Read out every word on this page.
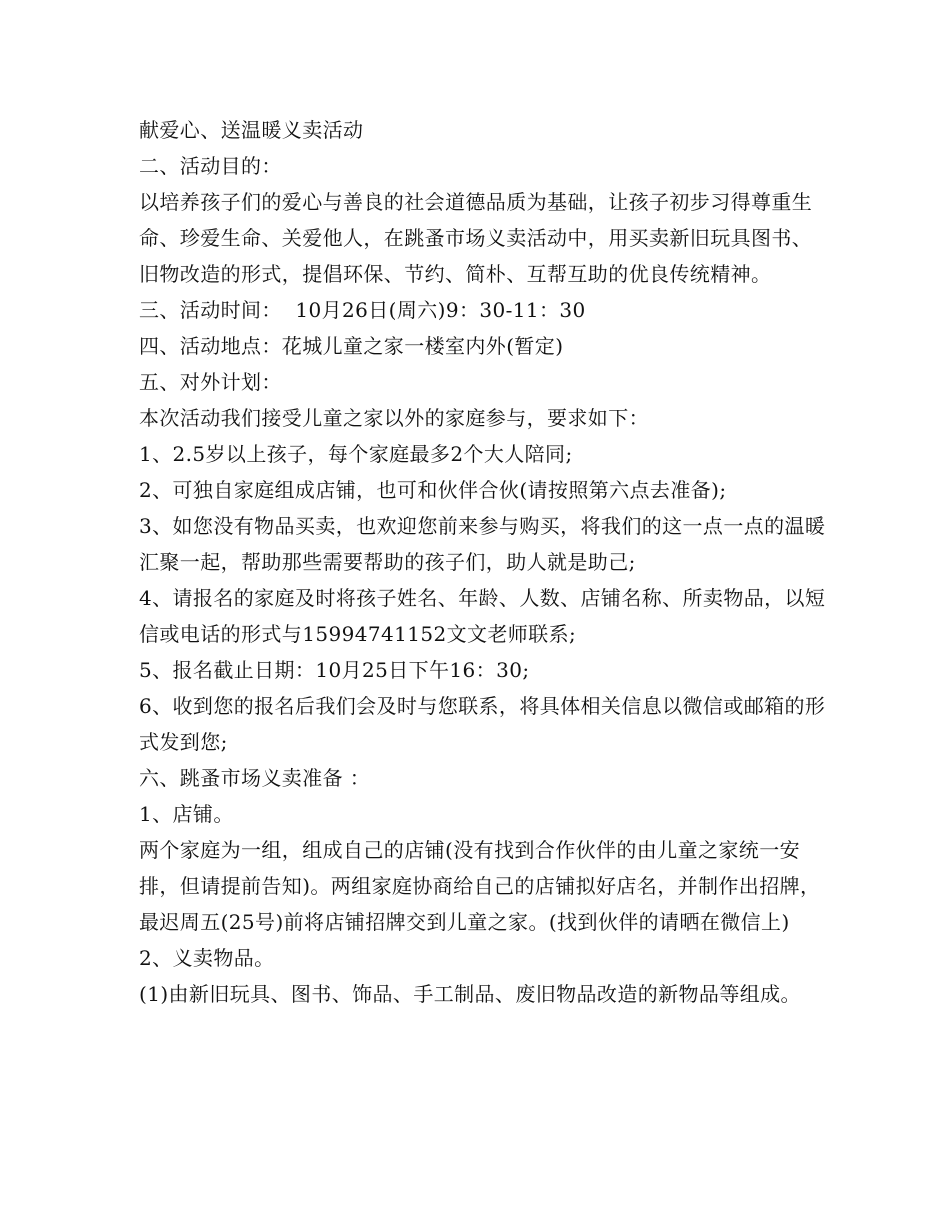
献爱心、送温暖义卖活动

二、活动目的：

以培养孩子们的爱心与善良的社会道德品质为基础，让孩子初步习得尊重生命、珍爱生命、关爱他人，在跳蚤市场义卖活动中，用买卖新旧玩具图书、旧物改造的形式，提倡环保、节约、简朴、互帮互助的优良传统精神。

三、活动时间：  10月26日(周六)9：30-11：30

四、活动地点：花城儿童之家一楼室内外(暂定)

五、对外计划：

本次活动我们接受儿童之家以外的家庭参与，要求如下：

1、2.5岁以上孩子，每个家庭最多2个大人陪同;

2、可独自家庭组成店铺，也可和伙伴合伙(请按照第六点去准备);

3、如您没有物品买卖，也欢迎您前来参与购买，将我们的这一点一点的温暖汇聚一起，帮助那些需要帮助的孩子们，助人就是助己;

4、请报名的家庭及时将孩子姓名、年龄、人数、店铺名称、所卖物品，以短信或电话的形式与15994741152文文老师联系;

5、报名截止日期：10月25日下午16：30;

6、收到您的报名后我们会及时与您联系，将具体相关信息以微信或邮箱的形式发到您;

六、跳蚤市场义卖准备 ：

1、店铺。

两个家庭为一组，组成自己的店铺(没有找到合作伙伴的由儿童之家统一安排，但请提前告知)。两组家庭协商给自己的店铺拟好店名，并制作出招牌，最迟周五(25号)前将店铺招牌交到儿童之家。(找到伙伴的请晒在微信上)

2、义卖物品。

(1)由新旧玩具、图书、饰品、手工制品、废旧物品改造的新物品等组成。
